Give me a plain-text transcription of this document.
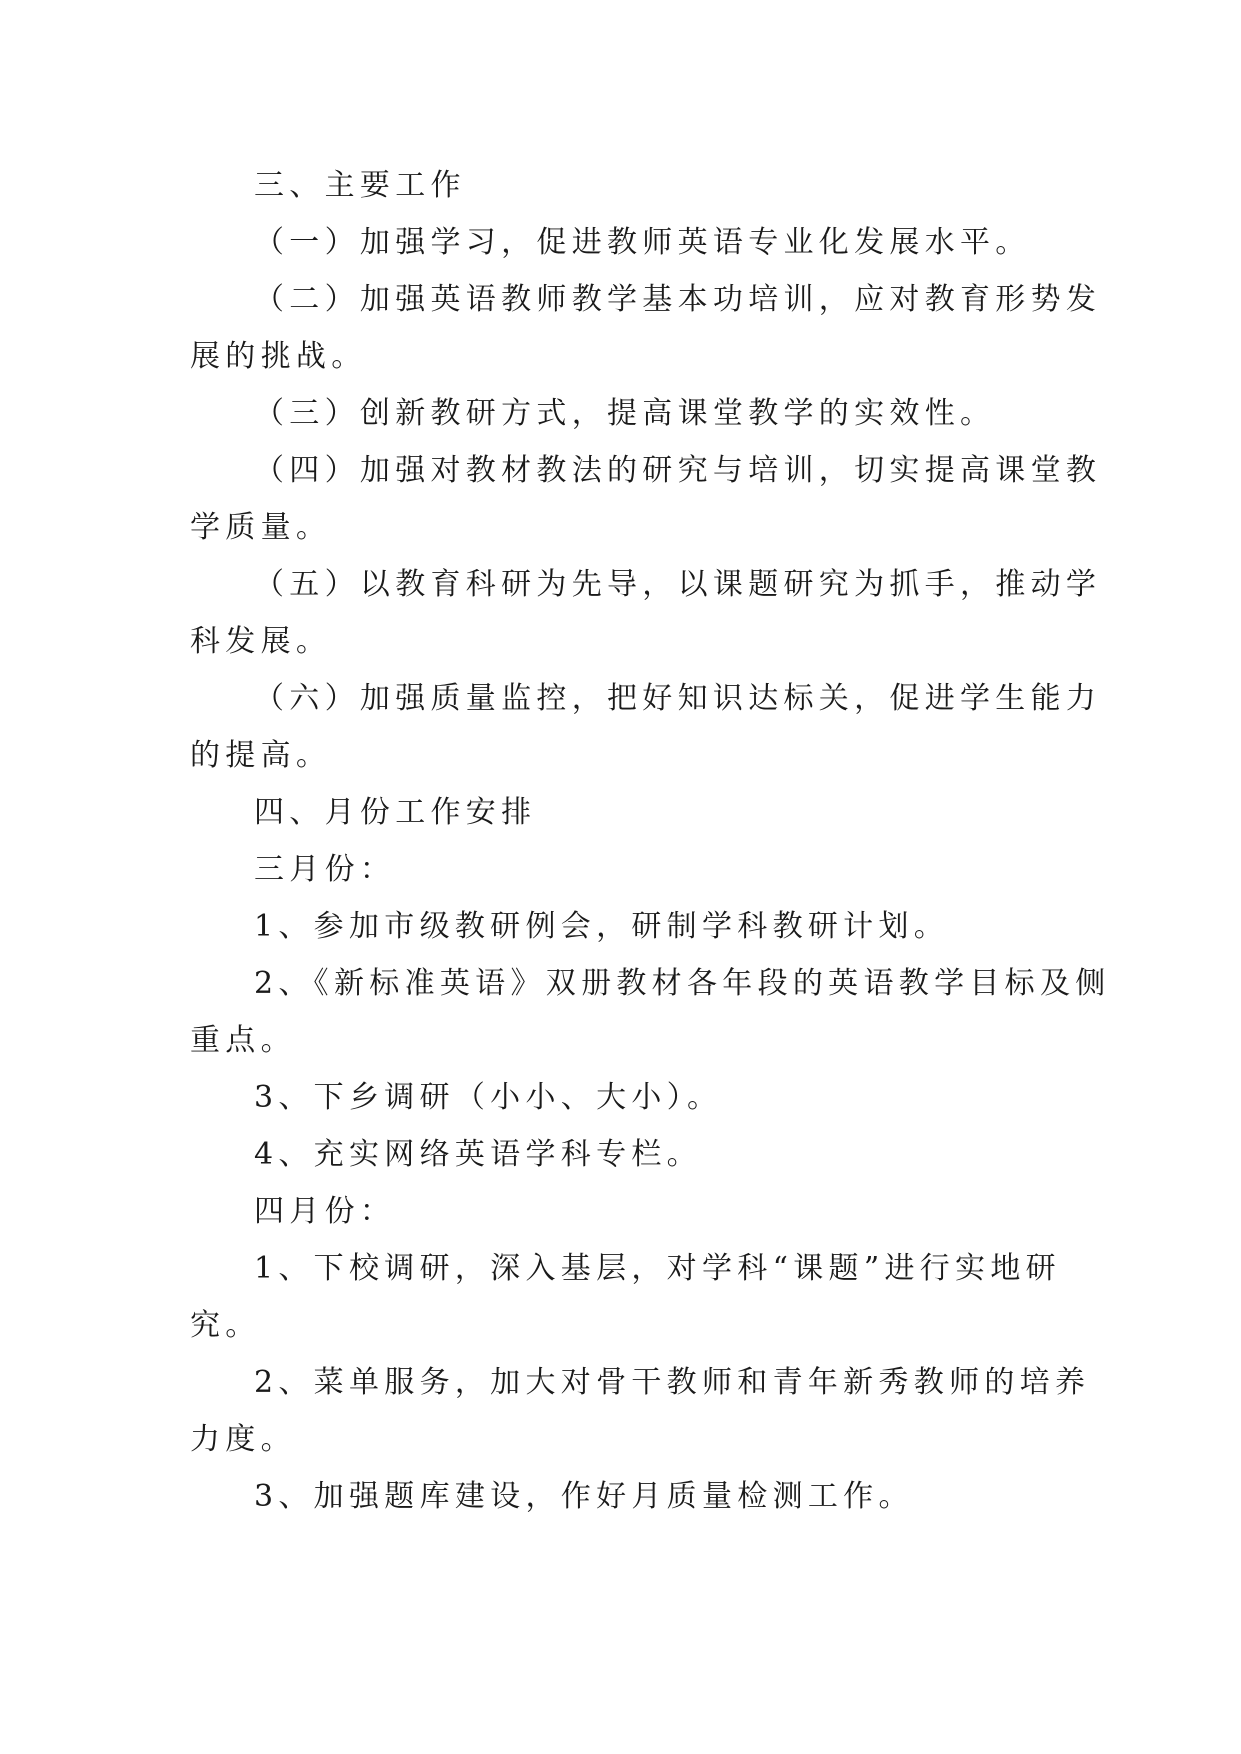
三、主要工作
（一）加强学习，促进教师英语专业化发展水平。
（二）加强英语教师教学基本功培训，应对教育形势发
展的挑战。
（三）创新教研方式，提高课堂教学的实效性。
（四）加强对教材教法的研究与培训，切实提高课堂教
学质量。
（五）以教育科研为先导，以课题研究为抓手，推动学
科发展。
（六）加强质量监控，把好知识达标关，促进学生能力
的提高。
四、月份工作安排
三月份：
1、参加市级教研例会，研制学科教研计划。
2、《新标准英语》双册教材各年段的英语教学目标及侧
重点。
3、下乡调研（小小、大小）。
4、充实网络英语学科专栏。
四月份：
1、下校调研，深入基层，对学科“课题”进行实地研
究。
2、菜单服务，加大对骨干教师和青年新秀教师的培养
力度。
3、加强题库建设，作好月质量检测工作。
